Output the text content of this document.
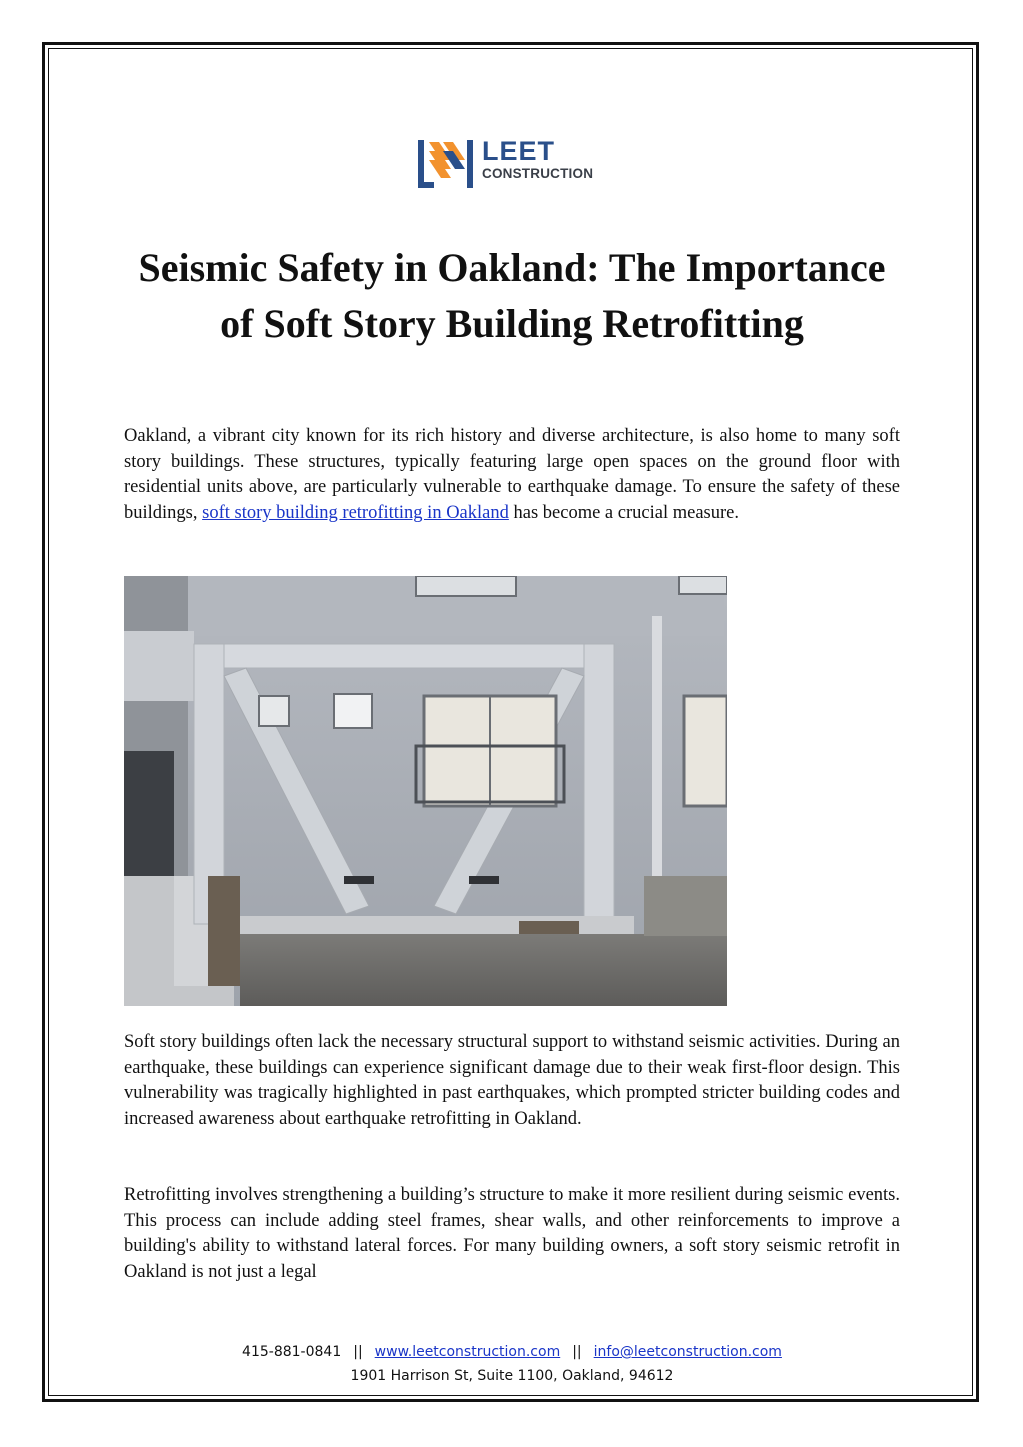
LEET
CONSTRUCTION
Seismic Safety in Oakland: The Importance of Soft Story Building Retrofitting

Oakland, a vibrant city known for its rich history and diverse architecture, is also home to many soft story buildings. These structures, typically featuring large open spaces on the ground floor with residential units above, are particularly vulnerable to earthquake damage. To ensure the safety of these buildings, soft story building retrofitting in Oakland has become a crucial measure.

Soft story buildings often lack the necessary structural support to withstand seismic activities. During an earthquake, these buildings can experience significant damage due to their weak first-floor design. This vulnerability was tragically highlighted in past earthquakes, which prompted stricter building codes and increased awareness about earthquake retrofitting in Oakland.

Retrofitting involves strengthening a building’s structure to make it more resilient during seismic events. This process can include adding steel frames, shear walls, and other reinforcements to improve a building's ability to withstand lateral forces. For many building owners, a soft story seismic retrofit in Oakland is not just a legal

415-881-0841 || www.leetconstruction.com || info@leetconstruction.com
1901 Harrison St, Suite 1100, Oakland, 94612
